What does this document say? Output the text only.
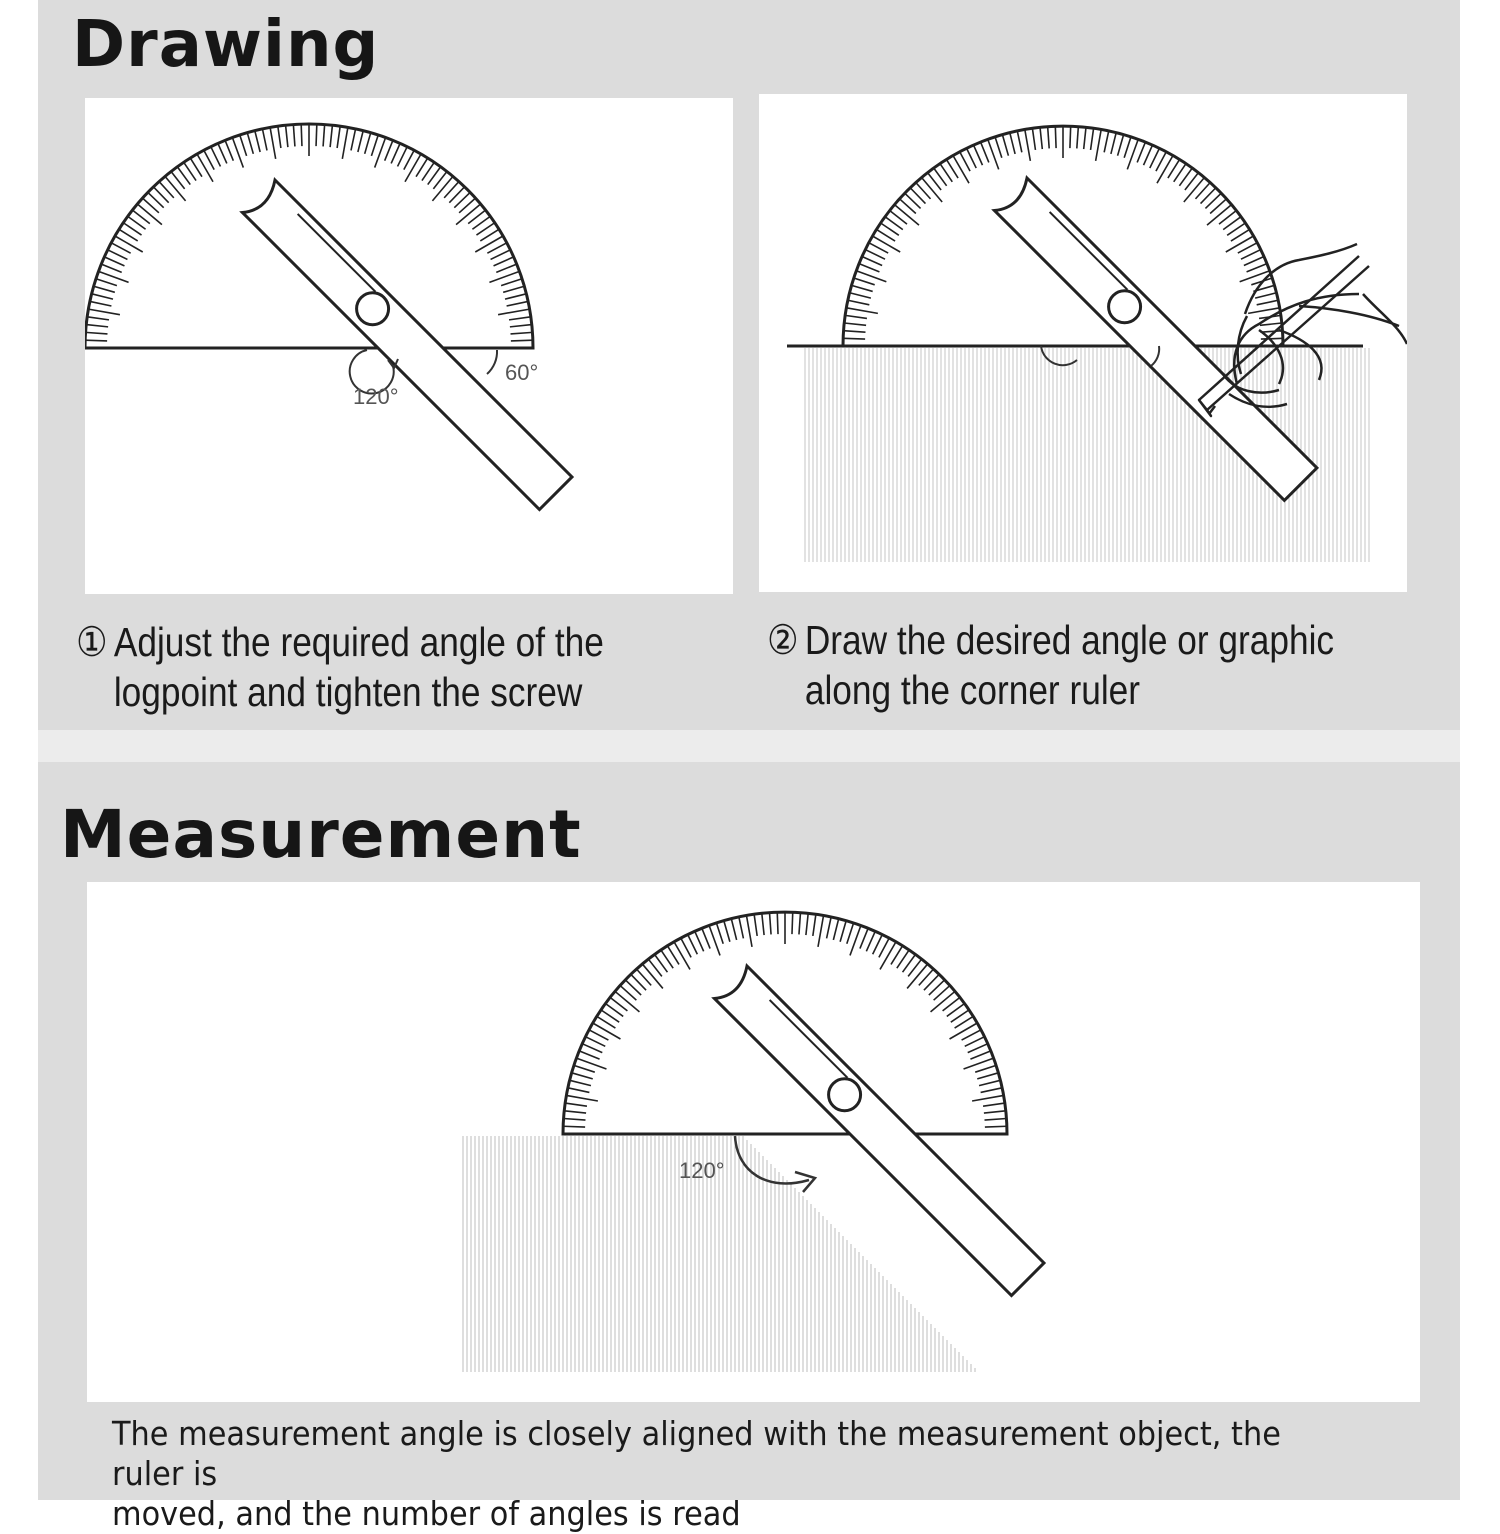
Drawing
120°
60°

① Adjust the required angle of the
logpoint and tighten the screw

② Draw the desired angle or graphic
along the corner ruler

Measurement
120°

The measurement angle is closely aligned with the measurement object, the ruler is
moved, and the number of angles is read
